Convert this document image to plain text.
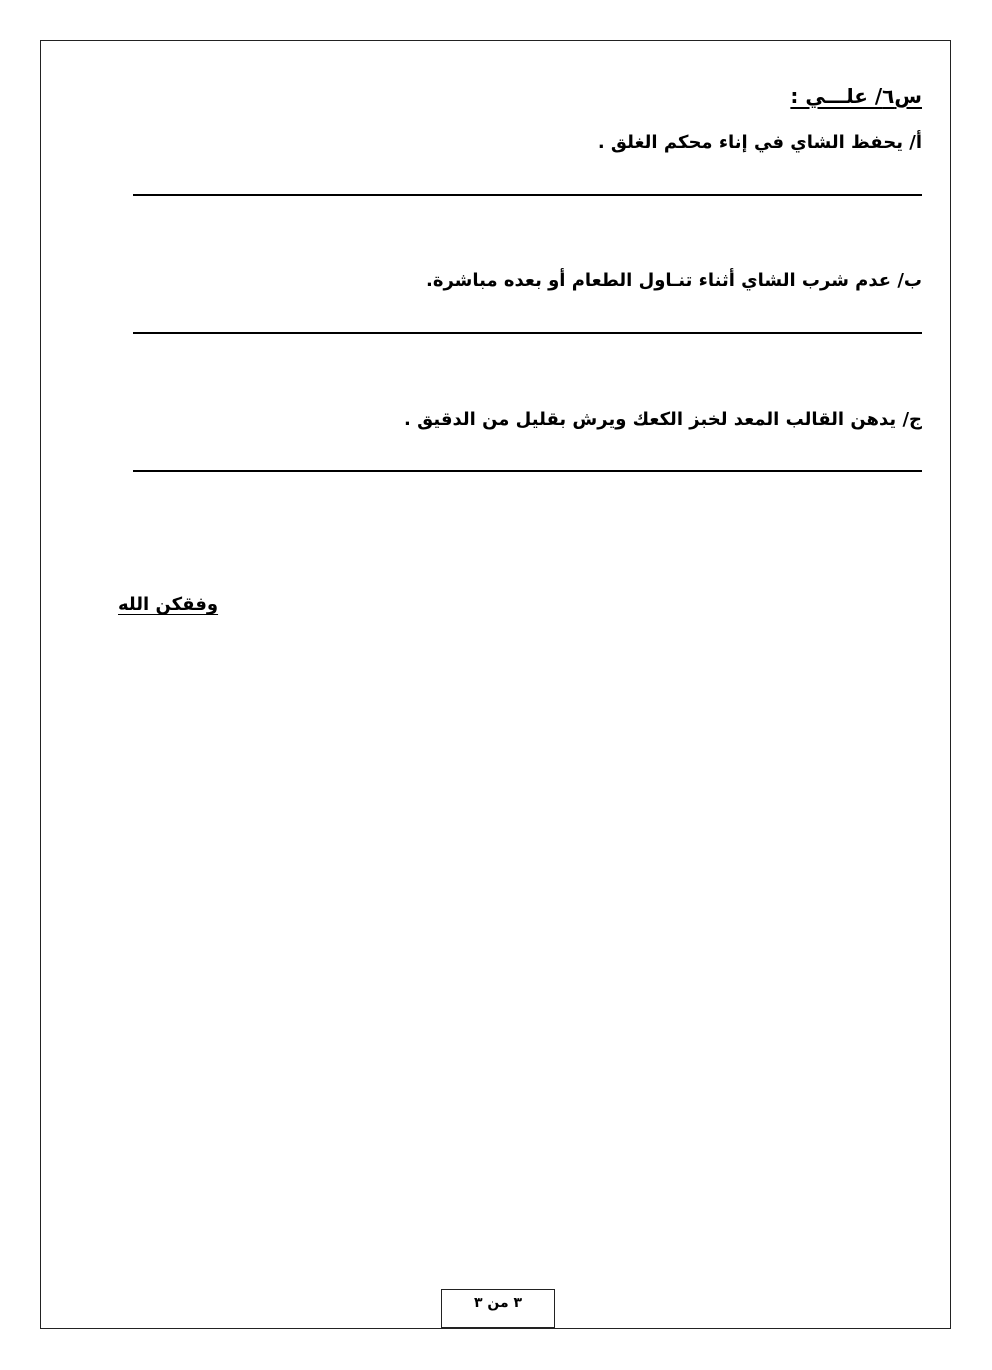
س٦/ علـــي :
أ/ يحفظ الشاي في إناء محكم الغلق .
ب/ عدم شرب الشاي أثناء تنـاول الطعام أو بعده مباشرة.
ج/ يدهن القالب المعد لخبز الكعك ويرش بقليل من الدقيق .
وفقكن الله
٣ من ٣
